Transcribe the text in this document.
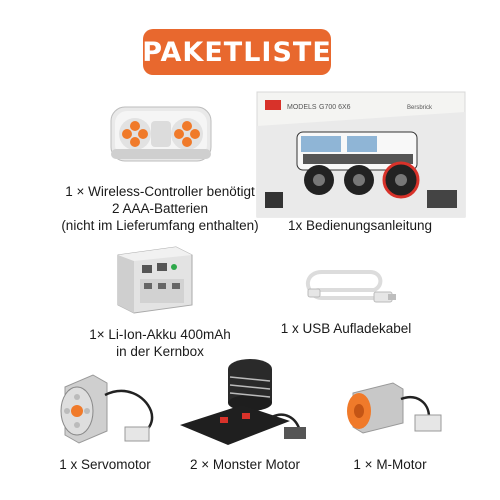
PAKETLISTE
1 × Wireless-Controller benötigt
2 AAA-Batterien
(nicht im Lieferumfang enthalten)
MODELS G700 6X6	Bersbrick
1x Bedienungsanleitung
1× Li-Ion-Akku 400mAh
in der Kernbox
1 x USB Aufladekabel
1 x Servomotor	2 × Monster Motor	1 × M-Motor
